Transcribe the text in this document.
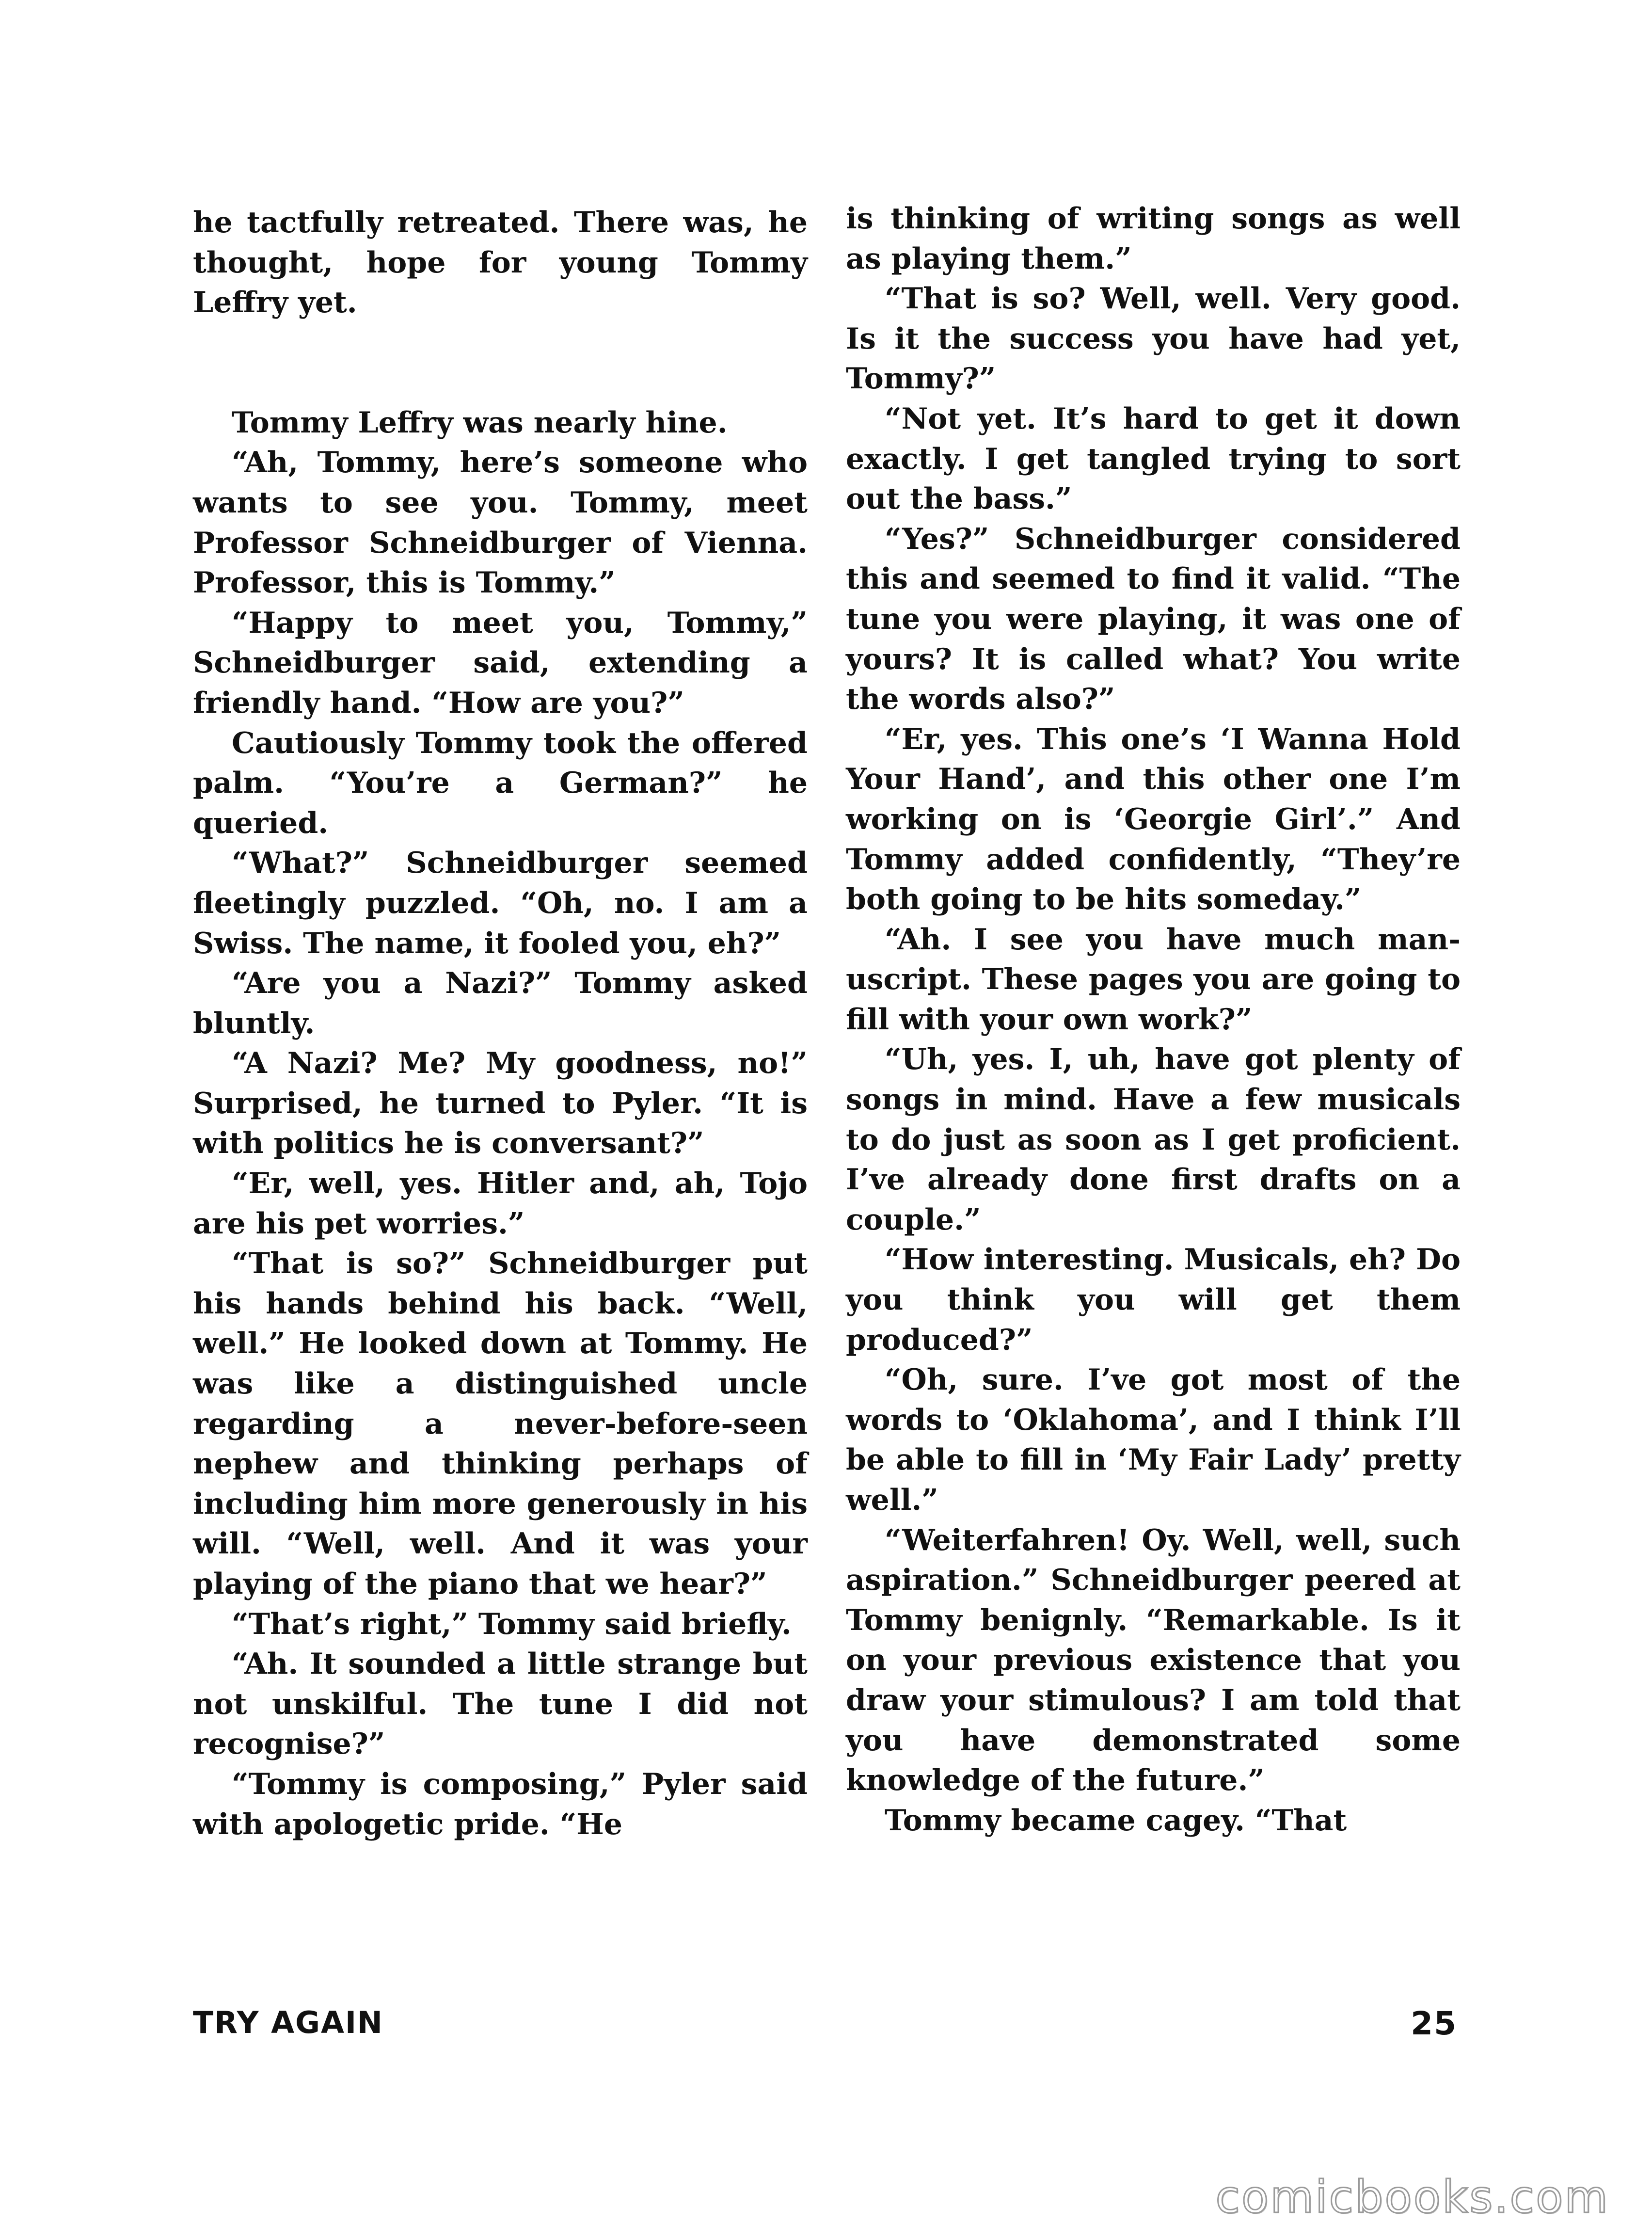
he tactfully retreated. There was, he thought, hope for young Tommy Leffry yet.

Tommy Leffry was nearly hine.

“Ah, Tommy, here’s someone who wants to see you. Tommy, meet Professor Schneidburger of Vienna. Professor, this is Tommy.”

“Happy to meet you, Tommy,” Schneidburger said, extending a friendly hand. “How are you?”

Cautiously Tommy took the offered palm. “You’re a German?” he queried.

“What?” Schneidburger seemed fleetingly puzzled. “Oh, no. I am a Swiss. The name, it fooled you, eh?”

“Are you a Nazi?” Tommy asked bluntly.

“A Nazi? Me? My goodness, no!” Surprised, he turned to Pyler. “It is with politics he is conversant?”

“Er, well, yes. Hitler and, ah, Tojo are his pet worries.”

“That is so?” Schneidburger put his hands behind his back. “Well, well.” He looked down at Tommy. He was like a distinguished uncle regarding a never-before-seen nephew and thinking perhaps of including him more generously in his will. “Well, well. And it was your playing of the piano that we hear?”

“That’s right,” Tommy said briefly.

“Ah. It sounded a little strange but not unskilful. The tune I did not recognise?”

“Tommy is composing,” Pyler said with apologetic pride. “He

is thinking of writing songs as well as playing them.”

“That is so? Well, well. Very good. Is it the success you have had yet, Tommy?”

“Not yet. It’s hard to get it down exactly. I get tangled trying to sort out the bass.”

“Yes?” Schneidburger considered this and seemed to find it valid. “The tune you were playing, it was one of yours? It is called what? You write the words also?”

“Er, yes. This one’s ‘I Wanna Hold Your Hand’, and this other one I’m working on is ‘Georgie Girl’.” And Tommy added confidently, “They’re both going to be hits someday.”

“Ah. I see you have much manuscript. These pages you are going to fill with your own work?”

“Uh, yes. I, uh, have got plenty of songs in mind. Have a few musicals to do just as soon as I get proficient. I’ve already done first drafts on a couple.”

“How interesting. Musicals, eh? Do you think you will get them produced?”

“Oh, sure. I’ve got most of the words to ‘Oklahoma’, and I think I’ll be able to fill in ‘My Fair Lady’ pretty well.”

“Weiterfahren! Oy. Well, well, such aspiration.” Schneidburger peered at Tommy benignly. “Remarkable. Is it on your previous existence that you draw your stimulous? I am told that you have demonstrated some knowledge of the future.”

Tommy became cagey. “That

TRY AGAIN	25
comicbooks.com
